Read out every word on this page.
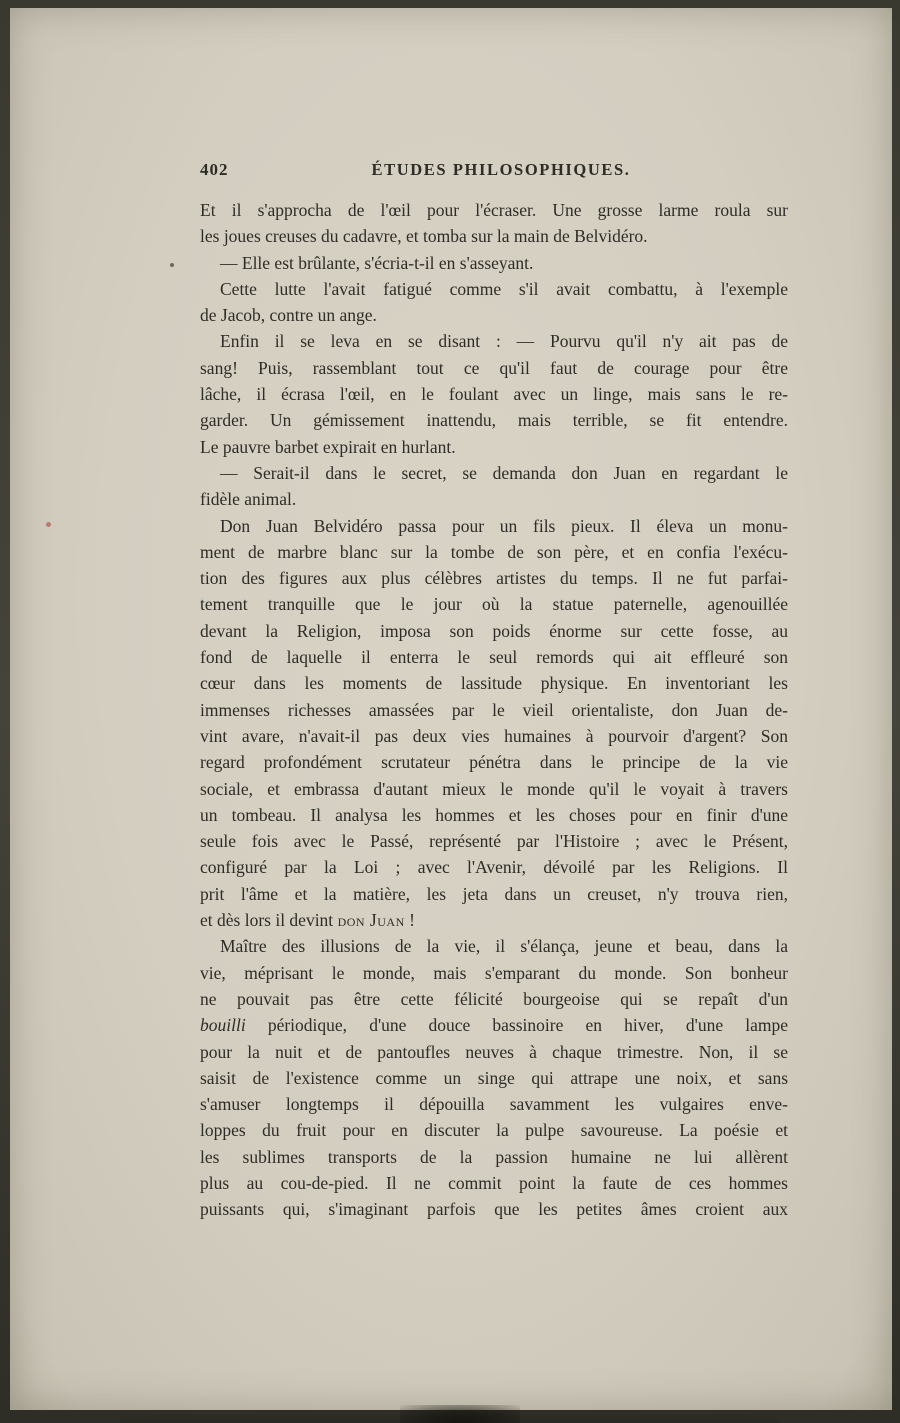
402	ÉTUDES PHILOSOPHIQUES.
Et il s'approcha de l'œil pour l'écraser. Une grosse larme roula sur
les joues creuses du cadavre, et tomba sur la main de Belvidéro.
— Elle est brûlante, s'écria-t-il en s'asseyant.
Cette lutte l'avait fatigué comme s'il avait combattu, à l'exemple
de Jacob, contre un ange.
Enfin il se leva en se disant : — Pourvu qu'il n'y ait pas de
sang! Puis, rassemblant tout ce qu'il faut de courage pour être
lâche, il écrasa l'œil, en le foulant avec un linge, mais sans le re-
garder. Un gémissement inattendu, mais terrible, se fit entendre.
Le pauvre barbet expirait en hurlant.
— Serait-il dans le secret, se demanda don Juan en regardant le
fidèle animal.
Don Juan Belvidéro passa pour un fils pieux. Il éleva un monu-
ment de marbre blanc sur la tombe de son père, et en confia l'exécu-
tion des figures aux plus célèbres artistes du temps. Il ne fut parfai-
tement tranquille que le jour où la statue paternelle, agenouillée
devant la Religion, imposa son poids énorme sur cette fosse, au
fond de laquelle il enterra le seul remords qui ait effleuré son
cœur dans les moments de lassitude physique. En inventoriant les
immenses richesses amassées par le vieil orientaliste, don Juan de-
vint avare, n'avait-il pas deux vies humaines à pourvoir d'argent? Son
regard profondément scrutateur pénétra dans le principe de la vie
sociale, et embrassa d'autant mieux le monde qu'il le voyait à travers
un tombeau. Il analysa les hommes et les choses pour en finir d'une
seule fois avec le Passé, représenté par l'Histoire ; avec le Présent,
configuré par la Loi ; avec l'Avenir, dévoilé par les Religions. Il
prit l'âme et la matière, les jeta dans un creuset, n'y trouva rien,
et dès lors il devint don Juan !
Maître des illusions de la vie, il s'élança, jeune et beau, dans la
vie, méprisant le monde, mais s'emparant du monde. Son bonheur
ne pouvait pas être cette félicité bourgeoise qui se repaît d'un
bouilli périodique, d'une douce bassinoire en hiver, d'une lampe
pour la nuit et de pantoufles neuves à chaque trimestre. Non, il se
saisit de l'existence comme un singe qui attrape une noix, et sans
s'amuser longtemps il dépouilla savamment les vulgaires enve-
loppes du fruit pour en discuter la pulpe savoureuse. La poésie et
les sublimes transports de la passion humaine ne lui allèrent
plus au cou-de-pied. Il ne commit point la faute de ces hommes
puissants qui, s'imaginant parfois que les petites âmes croient aux
